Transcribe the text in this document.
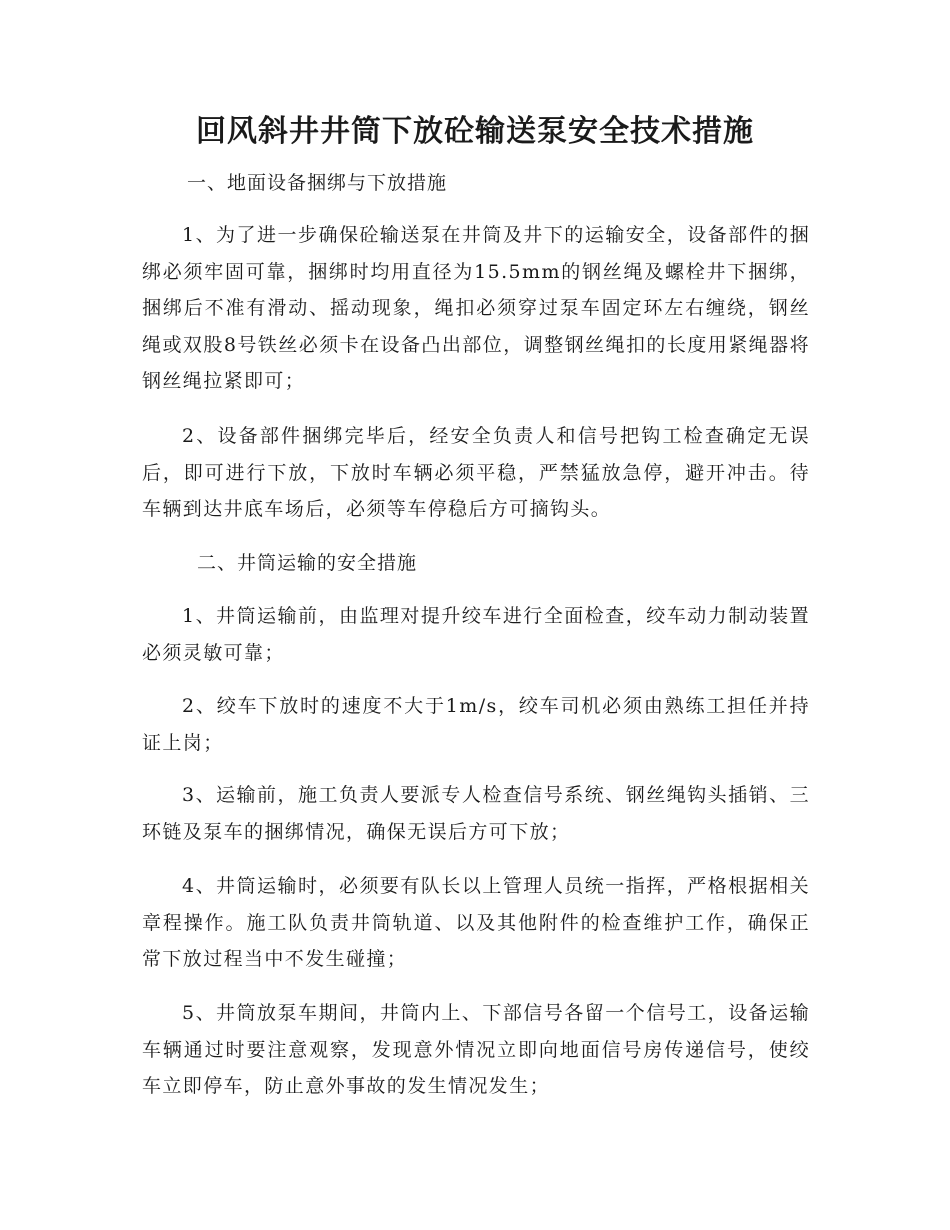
回风斜井井筒下放砼输送泵安全技术措施

一、地面设备捆绑与下放措施

1、为了进一步确保砼输送泵在井筒及井下的运输安全，设备部件的捆绑必须牢固可靠，捆绑时均用直径为15.5mm的钢丝绳及螺栓井下捆绑，捆绑后不准有滑动、摇动现象，绳扣必须穿过泵车固定环左右缠绕，钢丝绳或双股8号铁丝必须卡在设备凸出部位，调整钢丝绳扣的长度用紧绳器将钢丝绳拉紧即可；

2、设备部件捆绑完毕后，经安全负责人和信号把钩工检查确定无误后，即可进行下放，下放时车辆必须平稳，严禁猛放急停，避开冲击。待车辆到达井底车场后，必须等车停稳后方可摘钩头。

二、井筒运输的安全措施

1、井筒运输前，由监理对提升绞车进行全面检查，绞车动力制动装置必须灵敏可靠；

2、绞车下放时的速度不大于1m/s，绞车司机必须由熟练工担任并持证上岗；

3、运输前，施工负责人要派专人检查信号系统、钢丝绳钩头插销、三环链及泵车的捆绑情况，确保无误后方可下放；

4、井筒运输时，必须要有队长以上管理人员统一指挥，严格根据相关章程操作。施工队负责井筒轨道、以及其他附件的检查维护工作，确保正常下放过程当中不发生碰撞；

5、井筒放泵车期间，井筒内上、下部信号各留一个信号工，设备运输车辆通过时要注意观察，发现意外情况立即向地面信号房传递信号，使绞车立即停车，防止意外事故的发生情况发生；
